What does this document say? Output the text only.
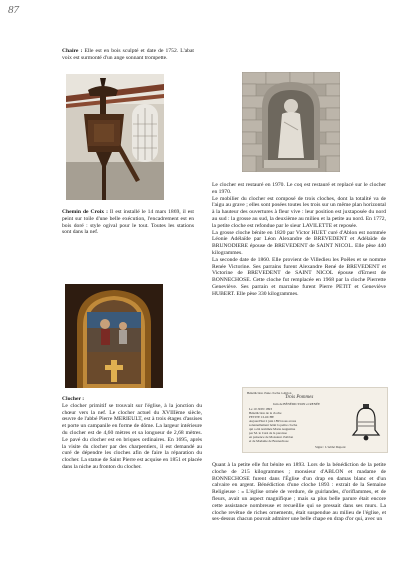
87
Chaire : Elle est en bois sculpté et date de 1752. L'abat voix est surmonté d'un ange sonnant trompette.
Chemin de Croix : Il est installé le 14 mars 1869, il est peint sur toile d'une belle exécution, l'encadrement est en bois doré : style ogival pour le tout. Toutes les stations sont dans la nef.
Clocher :
Le clocher primitif se trouvait sur l'église, à la jonction du chœur vers la nef. Le clocher actuel du XVIIIème siècle, œuvre de l'abbé Pierre MERIEULT, est à trois étages d'assises et porte un campanile en forme de dôme. La largeur intérieure du clocher est de 4,60 mètres et sa longueur de 2,68 mètres. Le pavé du clocher est en briques ordinaires. En 1695, après la visite du clocher par des charpentiers, il est demandé au curé de dépendre les cloches afin de faire la réparation du clocher. La statue de Saint Pierre est acquise en 1851 et placée dans la niche au fronton du clocher.
Le clocher est restauré en 1970. Le coq est restauré et replacé sur le clocher en 1970.
Le mobilier du clocher est composé de trois cloches, dont la totalité va de l'aigu au grave ; elles sont posées toutes les trois sur un même plan horizontal à la hauteur des ouvertures à fleur vive : leur position est juxtaposée du nord au sud : la grosse au sud, la deuxième au milieu et la petite au nord. En 1772, la petite cloche est refondue par le sieur LAVILETTE et reposée.
La grosse cloche bénite en 1820 par Victor HUET curé d'Ablon est nommée Léonie Adélaïde par Léon Alexandre de BREVEDENT et Adélaïde de BRUNODIERE épouse de BREVEDENT de SAINT NICOL. Elle pèse 440 kilogrammes.
La seconde date de 1860. Elle provient de Villedieu les Poêles et se nomme Renée Victorine. Ses parrains furent Alexandre René de BREVEDENT et Victorine de BREVEDENT de SAINT NICOL épouse d'Ernest de BONNECHOSE. Cette cloche fut remplacée en 1968 par la cloche Pierrette Geneviève. Ses parrain et marraine furent Pierre PETIT et Geneviève HUBERT. Elle pèse 330 kilogrammes.
Bénédiction d'une cloche à Ablon
Trois Pommes
Juin de BÉNÉDICTION et RENÉE
Le 10 JUIN 1893
Bénédiction de la cloche
PETITE CLOCHE
Aujourd'hui 2 juin 1893 nous avons
solennellement bénit la petite cloche
qui a été nommée Marie Augustine
par M. le Curé de la paroisse
en présence de Monsieur d'Ablon
et de Madame de Bonnechose
Signé : L'Abbé Dupont
Quant à la petite elle fut bénite en 1893. Lors de la bénédiction de la petite cloche de 215 kilogrammes ; monsieur d'ABLON et madame de BONNECHOSE furent dans l'Église d'un drap en damas blanc et d'un calvaire en argent. Bénédiction d'une cloche 1893 : extrait de la Semaine Religieuse : « L'église ornée de verdure, de guirlandes, d'oriflammes, et de fleurs, avait un aspect magnifique ; mais sa plus belle parure était encore cette assistance nombreuse et recueillie qui se pressait dans ses murs. La cloche revêtue de riches ornements, était suspendue au milieu de l'église, et ses-dessus chacun pouvait admirer une belle chape en drap d'or qui, avec un
